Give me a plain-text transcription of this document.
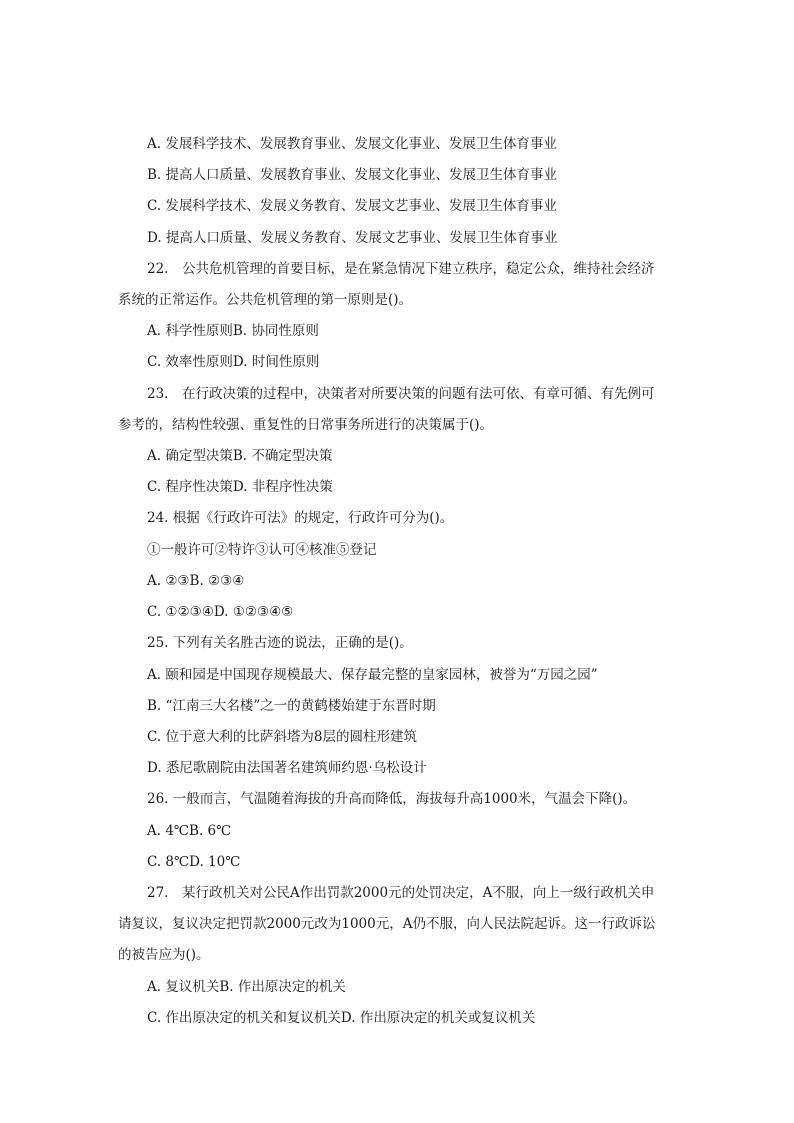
A. 发展科学技术、发展教育事业、发展文化事业、发展卫生体育事业
B. 提高人口质量、发展教育事业、发展文化事业、发展卫生体育事业
C. 发展科学技术、发展义务教育、发展文艺事业、发展卫生体育事业
D. 提高人口质量、发展义务教育、发展文艺事业、发展卫生体育事业
22.　公共危机管理的首要目标，是在紧急情况下建立秩序，稳定公众，维持社会经济
系统的正常运作。公共危机管理的第一原则是()。
A. 科学性原则B. 协同性原则
C. 效率性原则D. 时间性原则
23.　在行政决策的过程中，决策者对所要决策的问题有法可依、有章可循、有先例可
参考的，结构性较强、重复性的日常事务所进行的决策属于()。
A. 确定型决策B. 不确定型决策
C. 程序性决策D. 非程序性决策
24. 根据《行政许可法》的规定，行政许可分为()。
①一般许可②特许③认可④核准⑤登记
A. ②③B. ②③④
C. ①②③④D. ①②③④⑤
25. 下列有关名胜古迹的说法，正确的是()。
A. 颐和园是中国现存规模最大、保存最完整的皇家园林，被誉为“万园之园”
B. “江南三大名楼”之一的黄鹤楼始建于东晋时期
C. 位于意大利的比萨斜塔为8层的圆柱形建筑
D. 悉尼歌剧院由法国著名建筑师约恩·乌松设计
26. 一般而言，气温随着海拔的升高而降低，海拔每升高1000米，气温会下降()。
A. 4℃B. 6℃
C. 8℃D. 10℃
27.　某行政机关对公民A作出罚款2000元的处罚决定，A不服，向上一级行政机关申
请复议，复议决定把罚款2000元改为1000元，A仍不服，向人民法院起诉。这一行政诉讼
的被告应为()。
A. 复议机关B. 作出原决定的机关
C. 作出原决定的机关和复议机关D. 作出原决定的机关或复议机关
